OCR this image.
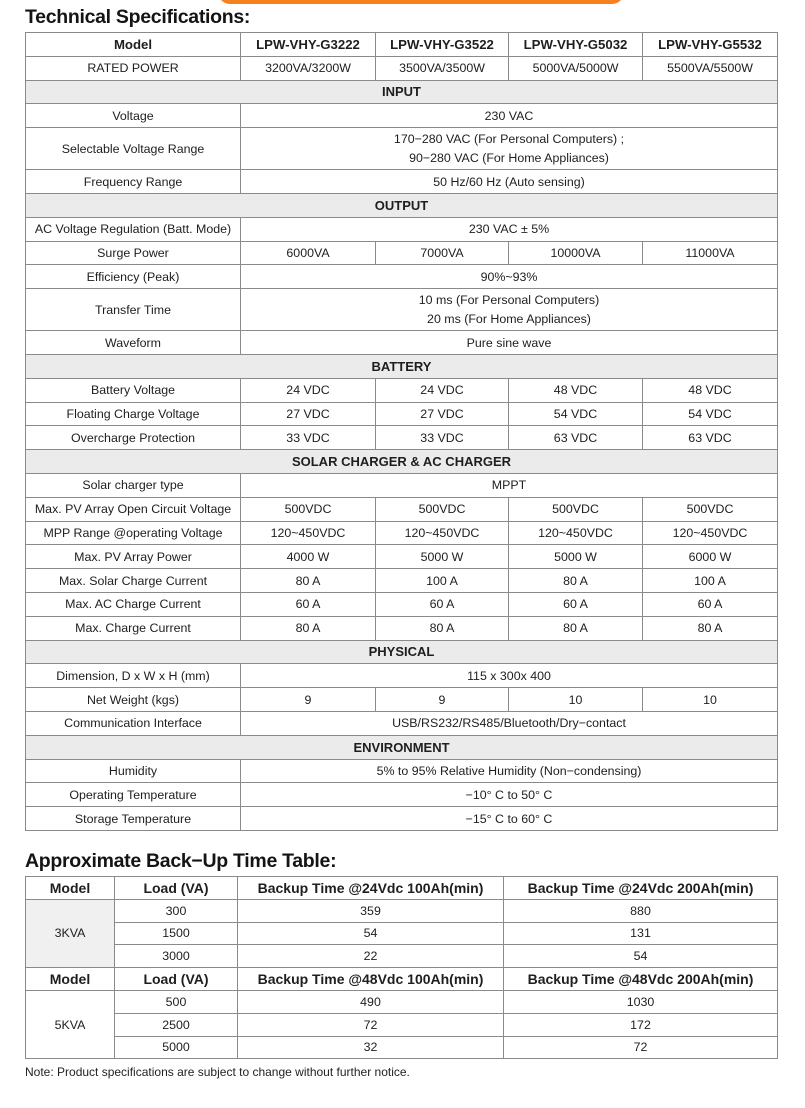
Technical Specifications:
Model	LPW-VHY-G3222	LPW-VHY-G3522	LPW-VHY-G5032	LPW-VHY-G5532
RATED POWER	3200VA/3200W	3500VA/3500W	5000VA/5000W	5500VA/5500W
INPUT				
Voltage	230 VAC			
Selectable Voltage Range	170−280 VAC (For Personal Computers) ;
90−280 VAC (For Home Appliances)			

Frequency Range	50 Hz/60 Hz (Auto sensing)			
OUTPUT				
AC Voltage Regulation (Batt. Mode)	230 VAC ± 5%			
Surge Power	6000VA	7000VA	10000VA	11000VA
Efficiency (Peak)	90%~93%			
Transfer Time	10 ms (For Personal Computers)
20 ms (For Home Appliances)			

Waveform	Pure sine wave			
BATTERY				
Battery Voltage	24 VDC	24 VDC	48 VDC	48 VDC
Floating Charge Voltage	27 VDC	27 VDC	54 VDC	54 VDC
Overcharge Protection	33 VDC	33 VDC	63 VDC	63 VDC
SOLAR CHARGER & AC CHARGER				
Solar charger type	MPPT			
Max. PV Array Open Circuit Voltage	500VDC	500VDC	500VDC	500VDC
MPP Range @operating Voltage	120~450VDC	120~450VDC	120~450VDC	120~450VDC
Max. PV Array Power	4000 W	5000 W	5000 W	6000 W
Max. Solar Charge Current	80 A	100 A	80 A	100 A
Max. AC Charge Current	60 A	60 A	60 A	60 A
Max. Charge Current	80 A	80 A	80 A	80 A
PHYSICAL				
Dimension, D x W x H (mm)	115 x 300x 400			
Net Weight (kgs)	9	9	10	10
Communication Interface	USB/RS232/RS485/Bluetooth/Dry−contact			
ENVIRONMENT				
Humidity	5% to 95% Relative Humidity (Non−condensing)			
Operating Temperature	−10° C to 50° C			
Storage Temperature	−15° C to 60° C			
Approximate Back−Up Time Table:
Model	Load (VA)	Backup Time @24Vdc 100Ah(min)	Backup Time @24Vdc 200Ah(min)
3KVA	300	359	880
	1500	54	131
	3000	22	54
Model	Load (VA)	Backup Time @48Vdc 100Ah(min)	Backup Time @48Vdc 200Ah(min)
5KVA	500	490	1030
	2500	72	172
	5000	32	72

Note: Product specifications are subject to change without further notice.
